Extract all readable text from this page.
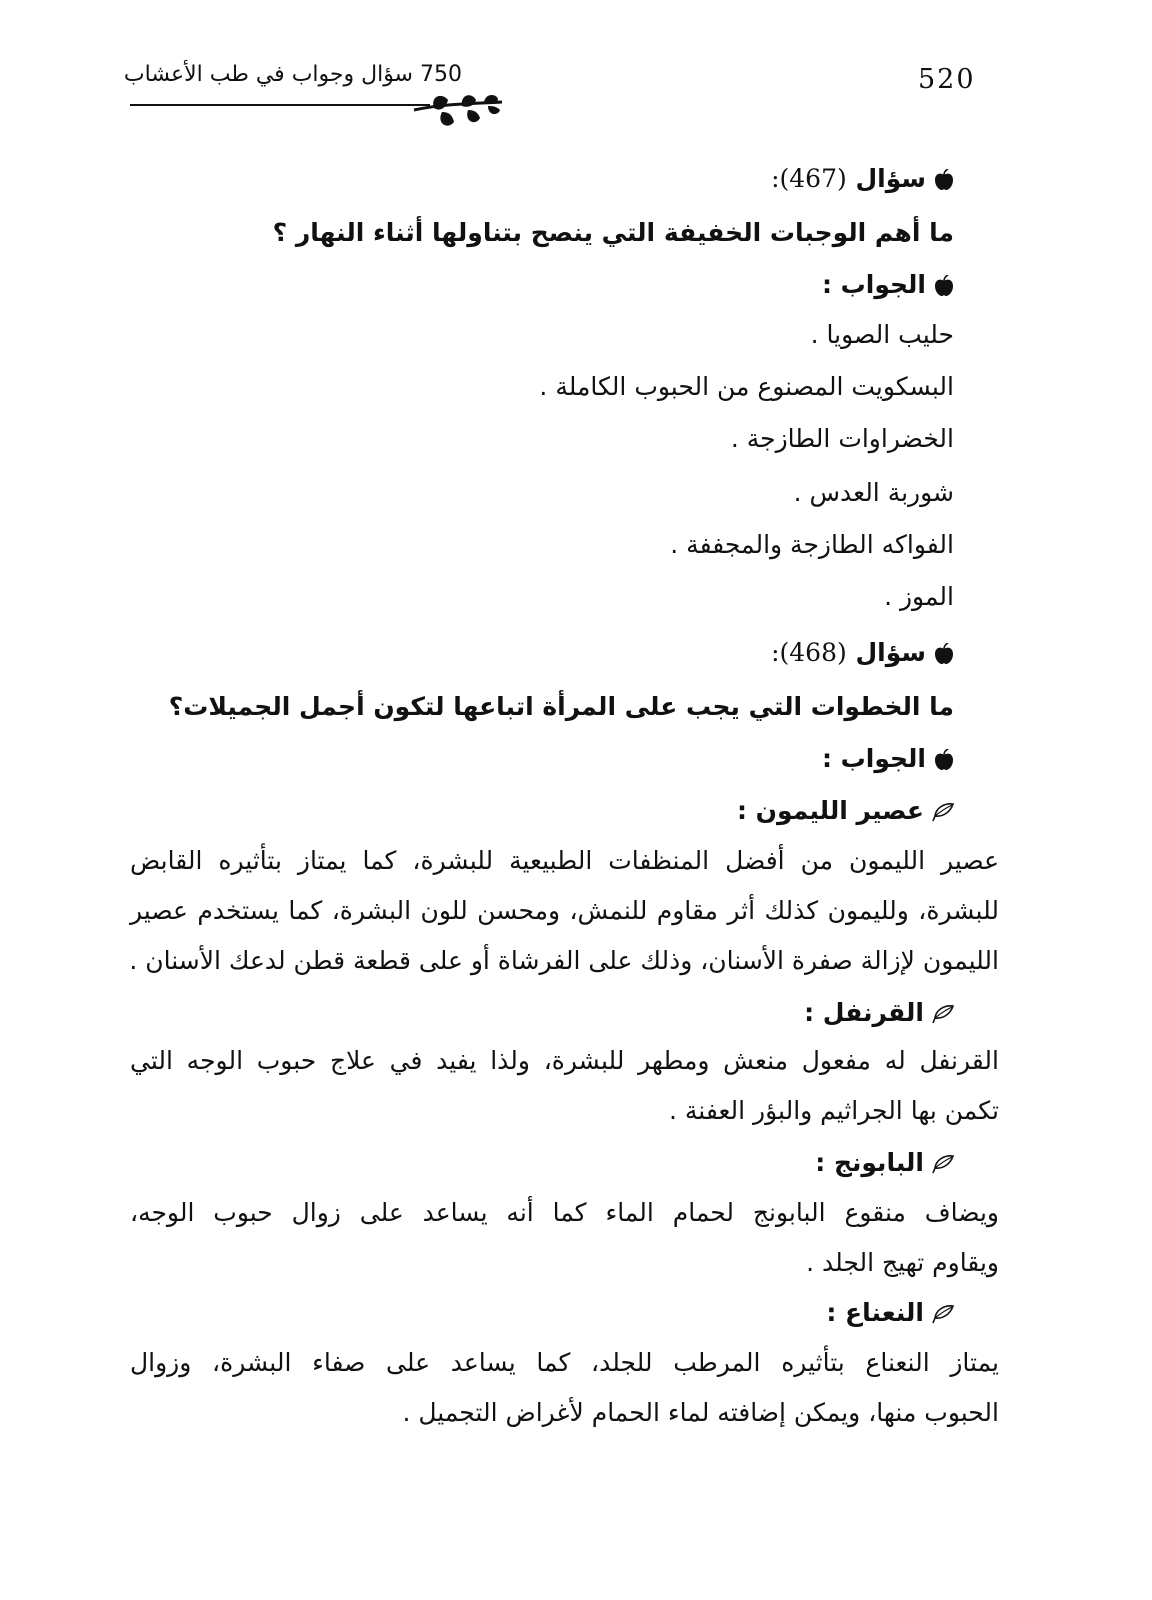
520
750 سؤال وجواب في طب الأعشاب
سؤال (467):
ما أهم الوجبات الخفيفة التي ينصح بتناولها أثناء النهار ؟
الجواب :
حليب الصويا .
البسكويت المصنوع من الحبوب الكاملة .
الخضراوات الطازجة .
شوربة العدس .
الفواكه الطازجة والمجففة .
الموز .
سؤال (468):
ما الخطوات التي يجب على المرأة اتباعها لتكون أجمل الجميلات؟
الجواب :
عصير الليمون :
عصير الليمون من أفضل المنظفات الطبيعية للبشرة، كما يمتاز بتأثيره القابض
للبشرة، ولليمون كذلك أثر مقاوم للنمش، ومحسن للون البشرة، كما يستخدم عصير
الليمون لإزالة صفرة الأسنان، وذلك على الفرشاة أو على قطعة قطن لدعك الأسنان .
القرنفل :
القرنفل له مفعول منعش ومطهر للبشرة، ولذا يفيد في علاج حبوب الوجه التي
تكمن بها الجراثيم والبؤر العفنة .
البابونج :
ويضاف منقوع البابونج لحمام الماء كما أنه يساعد على زوال حبوب الوجه،
ويقاوم تهيج الجلد .
النعناع :
يمتاز النعناع بتأثيره المرطب للجلد، كما يساعد على صفاء البشرة، وزوال
الحبوب منها، ويمكن إضافته لماء الحمام لأغراض التجميل .
